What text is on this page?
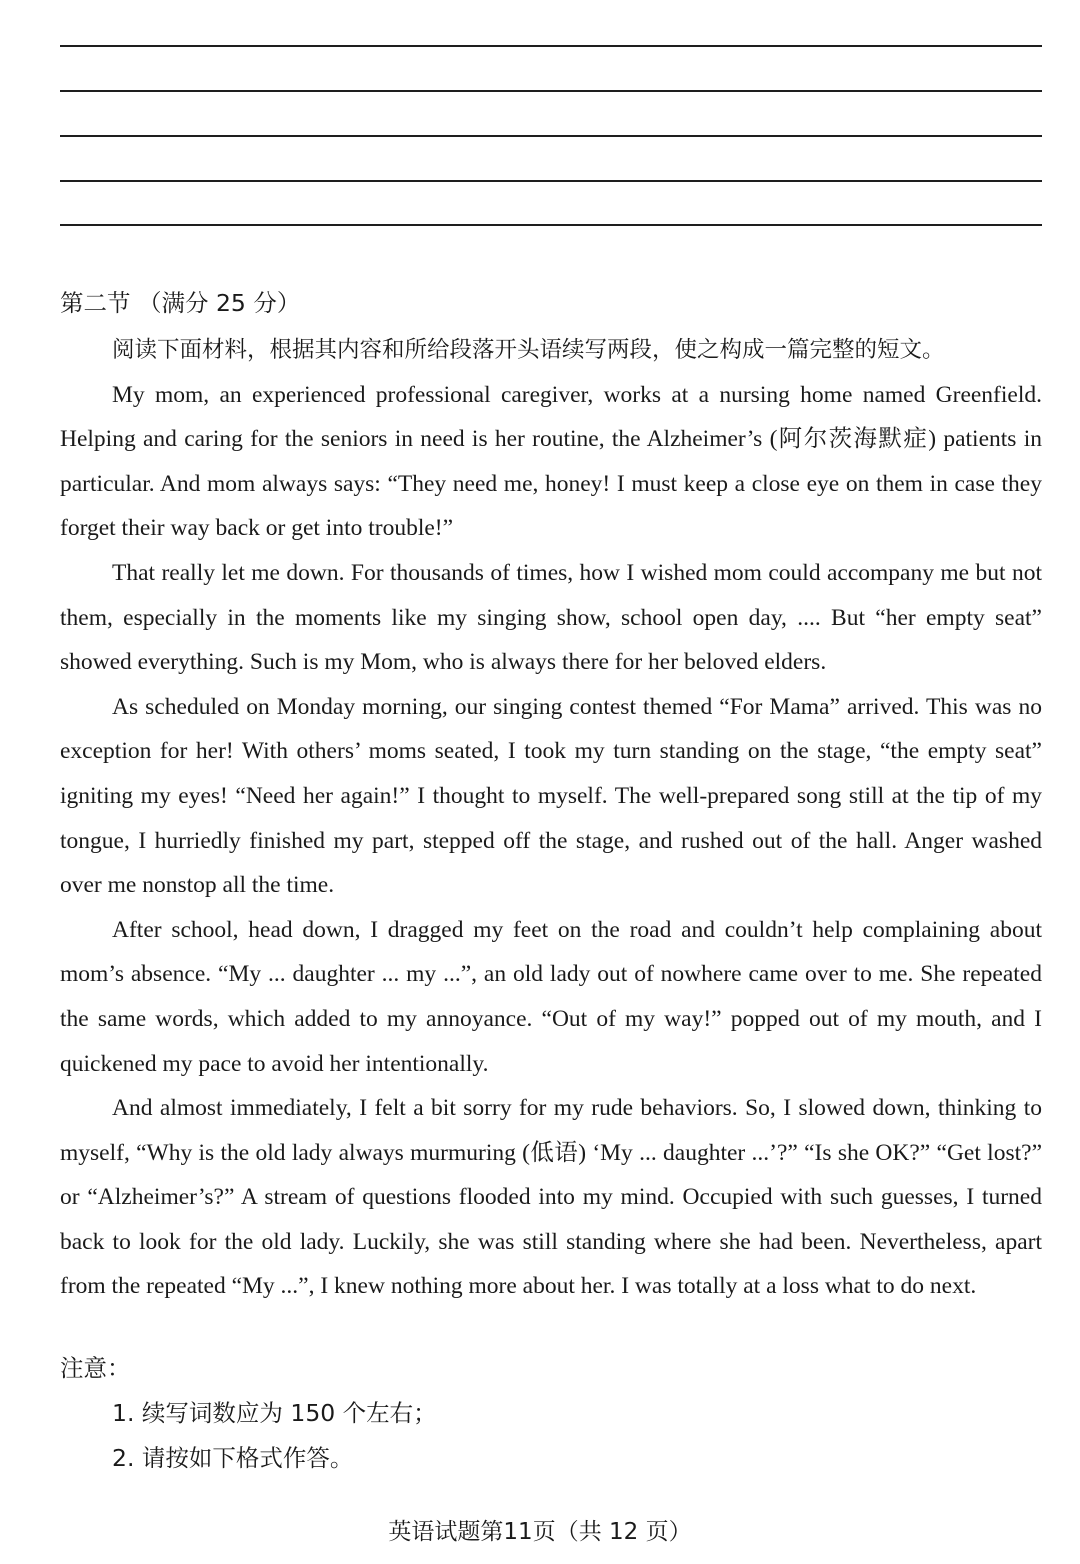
第二节 （满分 25 分）

阅读下面材料，根据其内容和所给段落开头语续写两段，使之构成一篇完整的短文。

My mom, an experienced professional caregiver, works at a nursing home named Greenfield. Helping and caring for the seniors in need is her routine, the Alzheimer’s (阿尔茨海默症) patients in particular. And mom always says: “They need me, honey! I must keep a close eye on them in case they forget their way back or get into trouble!”

That really let me down. For thousands of times, how I wished mom could accompany me but not them, especially in the moments like my singing show, school open day, .... But “her empty seat” showed everything. Such is my Mom, who is always there for her beloved elders.

As scheduled on Monday morning, our singing contest themed “For Mama” arrived. This was no exception for her! With others’ moms seated, I took my turn standing on the stage, “the empty seat” igniting my eyes! “Need her again!” I thought to myself. The well-prepared song still at the tip of my tongue, I hurriedly finished my part, stepped off the stage, and rushed out of the hall. Anger washed over me nonstop all the time.

After school, head down, I dragged my feet on the road and couldn’t help complaining about mom’s absence. “My ... daughter ... my ...”, an old lady out of nowhere came over to me. She repeated the same words, which added to my annoyance. “Out of my way!” popped out of my mouth, and I quickened my pace to avoid her intentionally.

And almost immediately, I felt a bit sorry for my rude behaviors. So, I slowed down, thinking to myself, “Why is the old lady always murmuring (低语) ‘My ... daughter ...’?” “Is she OK?” “Get lost?” or “Alzheimer’s?” A stream of questions flooded into my mind. Occupied with such guesses, I turned back to look for the old lady. Luckily, she was still standing where she had been. Nevertheless, apart from the repeated “My ...”, I knew nothing more about her. I was totally at a loss what to do next.

注意：

1. 续写词数应为 150 个左右；

2. 请按如下格式作答。

英语试题第11页（共 12 页）
